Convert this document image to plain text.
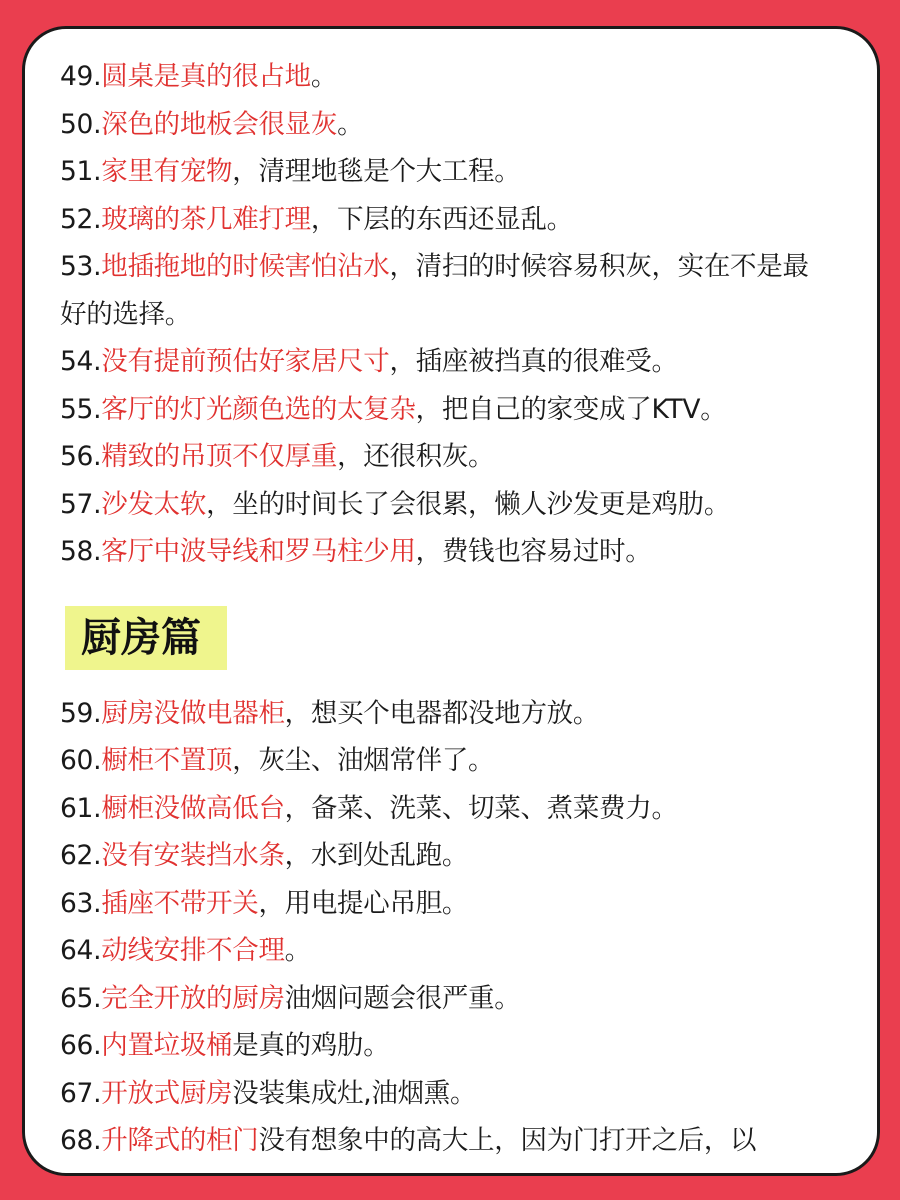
49.圆桌是真的很占地。
50.深色的地板会很显灰。
51.家里有宠物，清理地毯是个大工程。
52.玻璃的茶几难打理，下层的东西还显乱。
53.地插拖地的时候害怕沾水，清扫的时候容易积灰，实在不是最好的选择。
54.没有提前预估好家居尺寸，插座被挡真的很难受。
55.客厅的灯光颜色选的太复杂，把自己的家变成了KTV。
56.精致的吊顶不仅厚重，还很积灰。
57.沙发太软，坐的时间长了会很累，懒人沙发更是鸡肋。
58.客厅中波导线和罗马柱少用，费钱也容易过时。
厨房篇
59.厨房没做电器柜，想买个电器都没地方放。
60.橱柜不置顶，灰尘、油烟常伴了。
61.橱柜没做高低台，备菜、洗菜、切菜、煮菜费力。
62.没有安装挡水条，水到处乱跑。
63.插座不带开关，用电提心吊胆。
64.动线安排不合理。
65.完全开放的厨房油烟问题会很严重。
66.内置垃圾桶是真的鸡肋。
67.开放式厨房没装集成灶,油烟熏。
68.升降式的柜门没有想象中的高大上，因为门打开之后，以
